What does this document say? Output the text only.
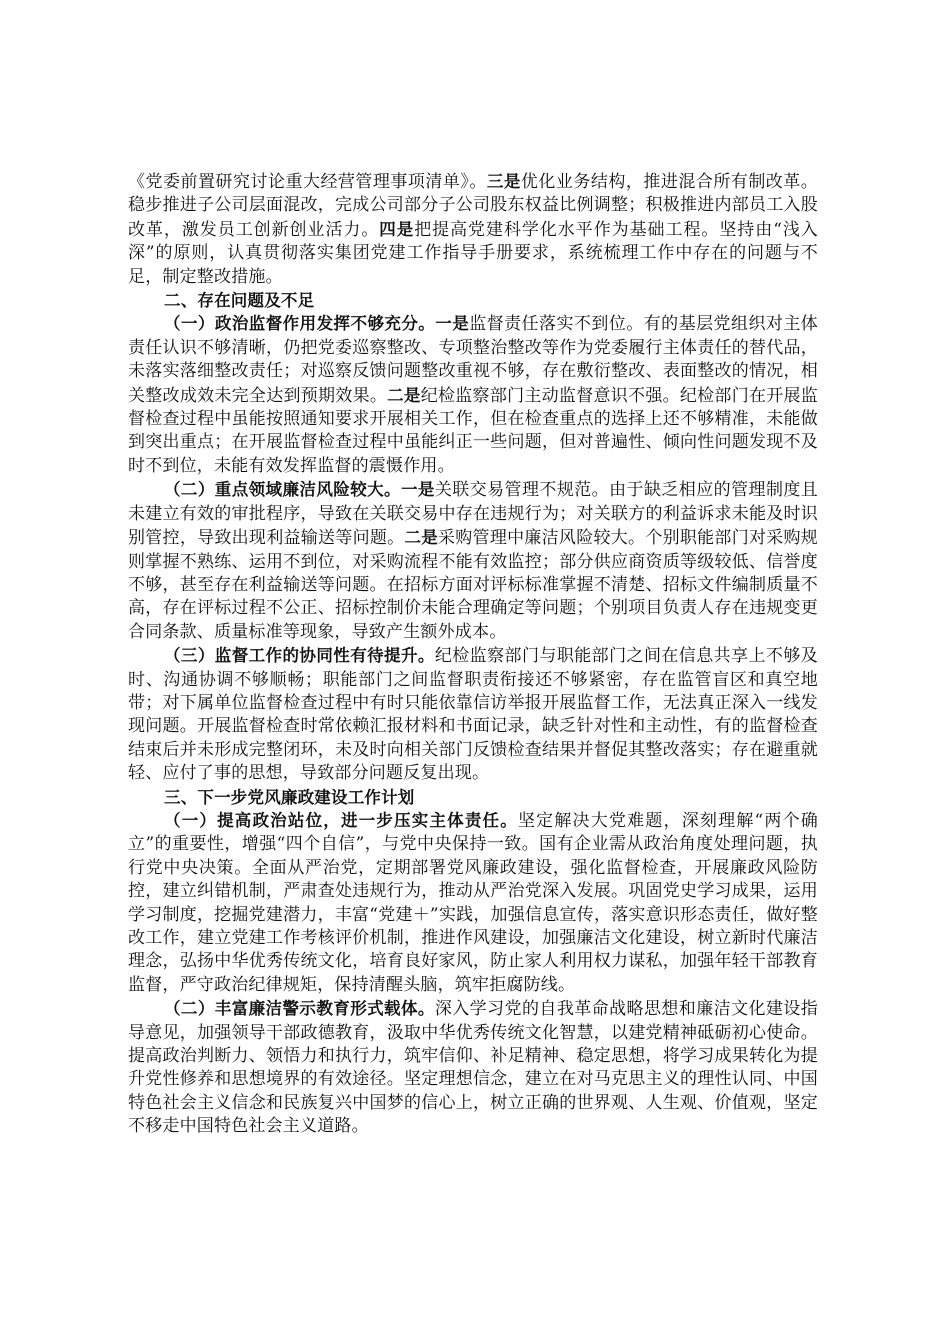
《党委前置研究讨论重大经营管理事项清单》。三是优化业务结构，推进混合所有制改革。稳步推进子公司层面混改，完成公司部分子公司股东权益比例调整；积极推进内部员工入股改革，激发员工创新创业活力。四是把提高党建科学化水平作为基础工程。坚持由“浅入深”的原则，认真贯彻落实集团党建工作指导手册要求，系统梳理工作中存在的问题与不足，制定整改措施。

二、存在问题及不足

（一）政治监督作用发挥不够充分。一是监督责任落实不到位。有的基层党组织对主体责任认识不够清晰，仍把党委巡察整改、专项整治整改等作为党委履行主体责任的替代品，未落实落细整改责任；对巡察反馈问题整改重视不够，存在敷衍整改、表面整改的情况，相关整改成效未完全达到预期效果。二是纪检监察部门主动监督意识不强。纪检部门在开展监督检查过程中虽能按照通知要求开展相关工作，但在检查重点的选择上还不够精准，未能做到突出重点；在开展监督检查过程中虽能纠正一些问题，但对普遍性、倾向性问题发现不及时不到位，未能有效发挥监督的震慑作用。

（二）重点领域廉洁风险较大。一是关联交易管理不规范。由于缺乏相应的管理制度且未建立有效的审批程序，导致在关联交易中存在违规行为；对关联方的利益诉求未能及时识别管控，导致出现利益输送等问题。二是采购管理中廉洁风险较大。个别职能部门对采购规则掌握不熟练、运用不到位，对采购流程不能有效监控；部分供应商资质等级较低、信誉度不够，甚至存在利益输送等问题。在招标方面对评标标准掌握不清楚、招标文件编制质量不高，存在评标过程不公正、招标控制价未能合理确定等问题；个别项目负责人存在违规变更合同条款、质量标准等现象，导致产生额外成本。

（三）监督工作的协同性有待提升。纪检监察部门与职能部门之间在信息共享上不够及时、沟通协调不够顺畅；职能部门之间监督职责衔接还不够紧密，存在监管盲区和真空地带；对下属单位监督检查过程中有时只能依靠信访举报开展监督工作，无法真正深入一线发现问题。开展监督检查时常依赖汇报材料和书面记录，缺乏针对性和主动性，有的监督检查结束后并未形成完整闭环，未及时向相关部门反馈检查结果并督促其整改落实；存在避重就轻、应付了事的思想，导致部分问题反复出现。

三、下一步党风廉政建设工作计划

（一）提高政治站位，进一步压实主体责任。坚定解决大党难题，深刻理解“两个确立”的重要性，增强“四个自信”，与党中央保持一致。国有企业需从政治角度处理问题，执行党中央决策。全面从严治党，定期部署党风廉政建设，强化监督检查，开展廉政风险防控，建立纠错机制，严肃查处违规行为，推动从严治党深入发展。巩固党史学习成果，运用学习制度，挖掘党建潜力，丰富“党建＋”实践，加强信息宣传，落实意识形态责任，做好整改工作，建立党建工作考核评价机制，推进作风建设，加强廉洁文化建设，树立新时代廉洁理念，弘扬中华优秀传统文化，培育良好家风，防止家人利用权力谋私，加强年轻干部教育监督，严守政治纪律规矩，保持清醒头脑，筑牢拒腐防线。

（二）丰富廉洁警示教育形式载体。深入学习党的自我革命战略思想和廉洁文化建设指导意见，加强领导干部政德教育，汲取中华优秀传统文化智慧，以建党精神砥砺初心使命。提高政治判断力、领悟力和执行力，筑牢信仰、补足精神、稳定思想，将学习成果转化为提升党性修养和思想境界的有效途径。坚定理想信念，建立在对马克思主义的理性认同、中国特色社会主义信念和民族复兴中国梦的信心上，树立正确的世界观、人生观、价值观，坚定不移走中国特色社会主义道路。
